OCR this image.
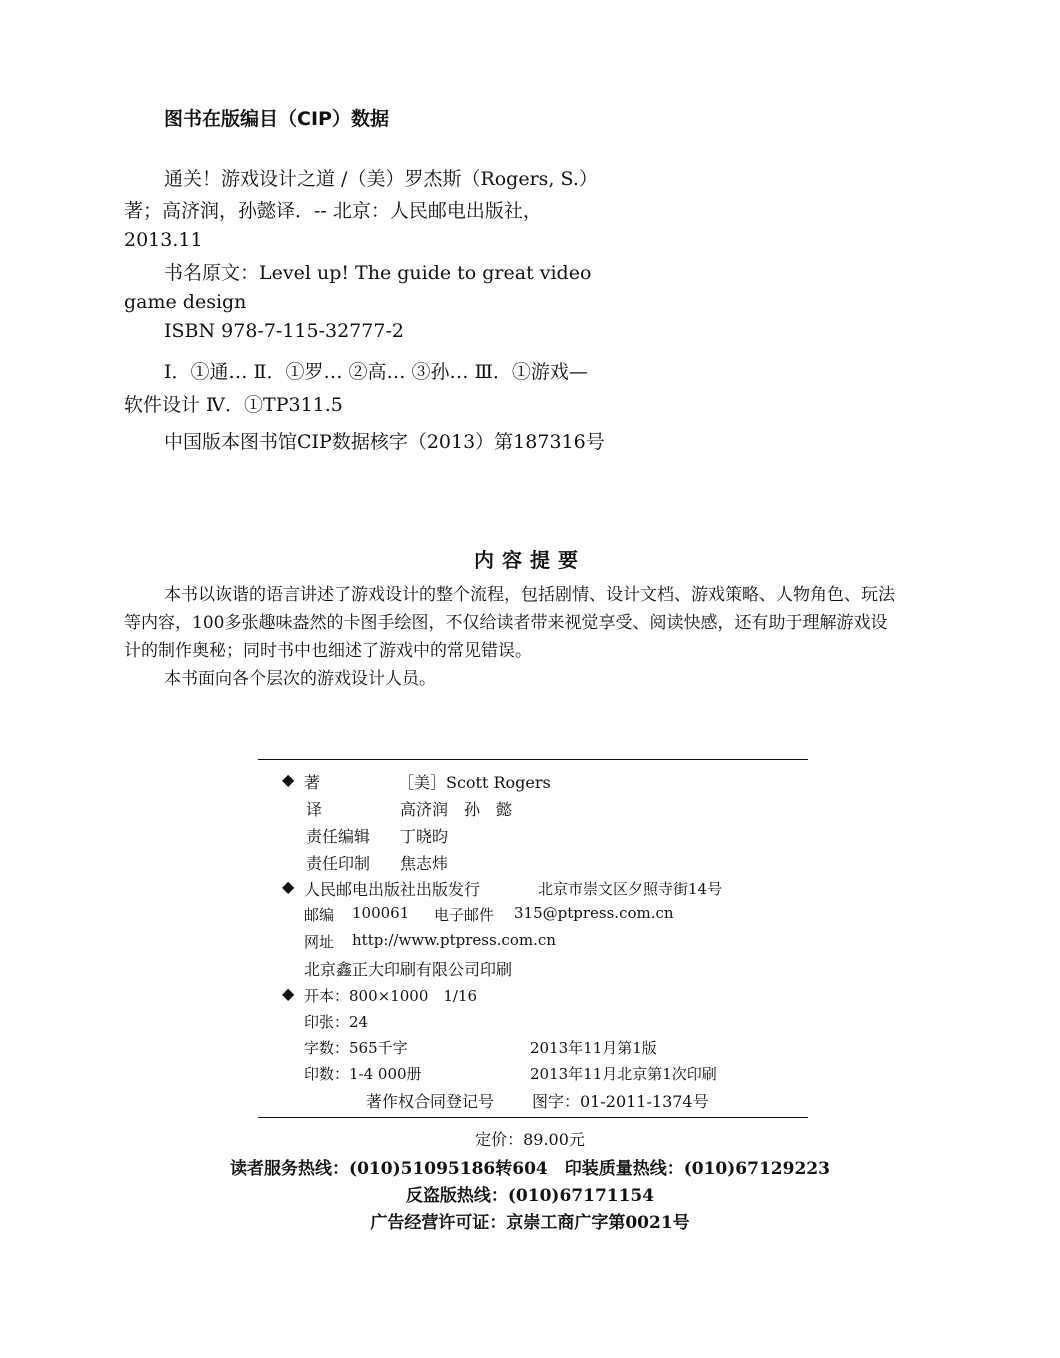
图书在版编目（CIP）数据
通关！游戏设计之道 /（美）罗杰斯（Rogers, S.）
著；高济润，孙懿译．-- 北京：人民邮电出版社，
2013.11
书名原文：Level up! The guide to great video
game design
ISBN 978-7-115-32777-2
Ⅰ．①通… Ⅱ．①罗… ②高… ③孙… Ⅲ．①游戏—
软件设计 Ⅳ．①TP311.5
中国版本图书馆CIP数据核字（2013）第187316号
内容提要
本书以诙谐的语言讲述了游戏设计的整个流程，包括剧情、设计文档、游戏策略、人物角色、玩法
等内容，100多张趣味盎然的卡图手绘图，不仅给读者带来视觉享受、阅读快感，还有助于理解游戏设
计的制作奥秘；同时书中也细述了游戏中的常见错误。
本书面向各个层次的游戏设计人员。
◆ 著	［美］Scott Rogers
译	高济润　孙　懿
责任编辑 丁晓昀
责任印制 焦志炜
◆ 人民邮电出版社出版发行	北京市崇文区夕照寺街14号
邮编 100061 电子邮件 315@ptpress.com.cn
网址 http://www.ptpress.com.cn
北京鑫正大印刷有限公司印刷
◆ 开本：800×1000　1/16
印张：24
字数：565千字	2013年11月第1版
印数：1-4 000册	2013年11月北京第1次印刷
著作权合同登记号 图字：01-2011-1374号
定价：89.00元
读者服务热线：(010)51095186转604　印装质量热线：(010)67129223
反盗版热线：(010)67171154
广告经营许可证：京崇工商广字第0021号
